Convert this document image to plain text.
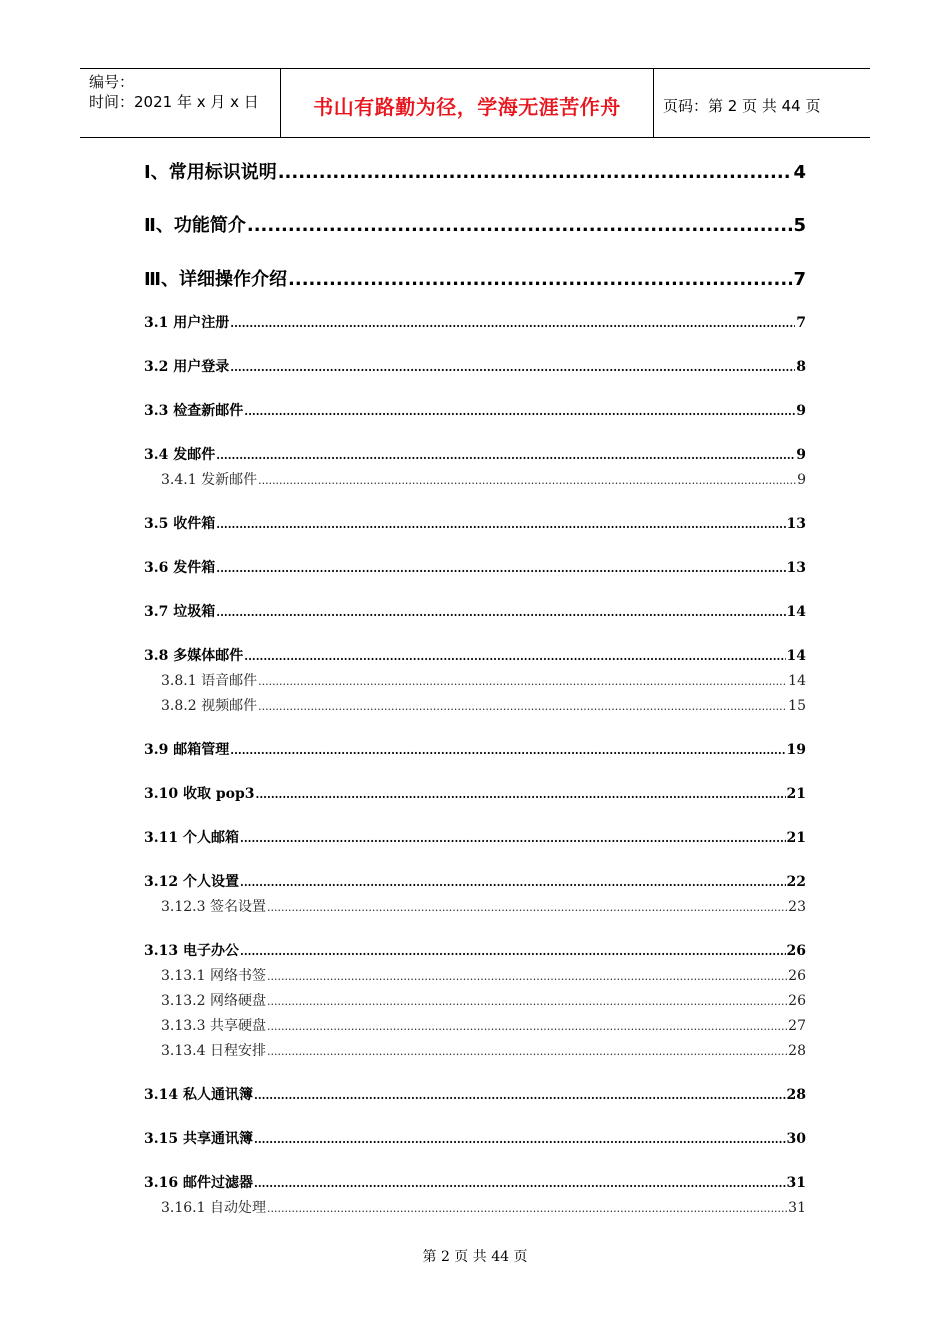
编号：
时间：2021 年 x 月 x 日	书山有路勤为径，学海无涯苦作舟	页码：第 2 页 共 44 页
Ⅰ、常用标识说明 .....	4
Ⅱ、功能简介 .....	5
Ⅲ、详细操作介绍 .....	7
3.1 用户注册 .....	7
3.2 用户登录 .....	8
3.3 检查新邮件 .....	9
3.4 发邮件 .....	9
3.4.1 发新邮件 .....	9
3.5 收件箱 .....	13
3.6 发件箱 .....	13
3.7 垃圾箱 .....	14
3.8 多媒体邮件 .....	14
3.8.1 语音邮件 .....	14
3.8.2 视频邮件 .....	15
3.9 邮箱管理 .....	19
3.10 收取 pop3 .....	21
3.11 个人邮箱 .....	21
3.12 个人设置 .....	22
3.12.3 签名设置 .....	23
3.13 电子办公 .....	26
3.13.1 网络书签 .....	26
3.13.2 网络硬盘 .....	26
3.13.3 共享硬盘 .....	27
3.13.4 日程安排 .....	28
3.14 私人通讯簿 .....	28
3.15 共享通讯簿 .....	30
3.16 邮件过滤器 .....	31
3.16.1 自动处理 .....	31
第 2 页 共 44 页
